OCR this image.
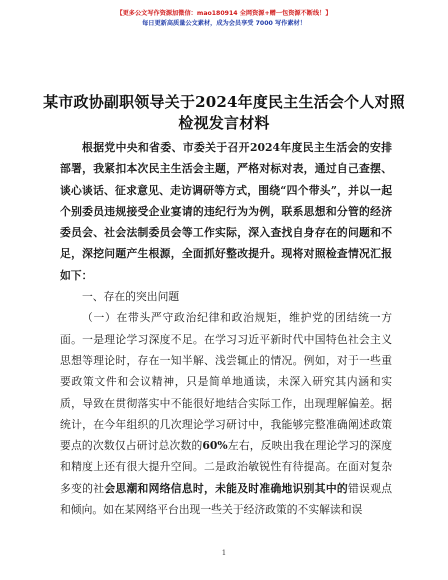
【更多公文写作资源加微信：mao180914 全网资源+赠一包资源不断线！】
每日更新高质量公文素材，成为会员享受 7000 写作素材！
某市政协副职领导关于2024年度民主生活会个人对照检视发言材料

根据党中央和省委、市委关于召开2024年度民主生活会的安排部署，我紧扣本次民主生活会主题，严格对标对表，通过自己查摆、谈心谈话、征求意见、走访调研等方式，围绕“四个带头”，并以一起个别委员违规接受企业宴请的违纪行为为例，联系思想和分管的经济委员会、社会法制委员会等工作实际，深入查找自身存在的问题和不足，深挖问题产生根源，全面抓好整改提升。现将对照检查情况汇报如下：

一、存在的突出问题

（一）在带头严守政治纪律和政治规矩，维护党的团结统一方面。一是理论学习深度不足。在学习习近平新时代中国特色社会主义思想等理论时，存在一知半解、浅尝辄止的情况。例如，对于一些重要政策文件和会议精神，只是简单地通读，未深入研究其内涵和实质，导致在贯彻落实中不能很好地结合实际工作，出现理解偏差。据统计，在今年组织的几次理论学习研讨中，我能够完整准确阐述政策要点的次数仅占研讨总次数的60%左右，反映出我在理论学习的深度和精度上还有很大提升空间。二是政治敏锐性有待提高。在面对复杂多变的社会思潮和网络信息时，未能及时准确地识别其中的错误观点和倾向。如在某网络平台出现一些关于经济政策的不实解读和误

1
